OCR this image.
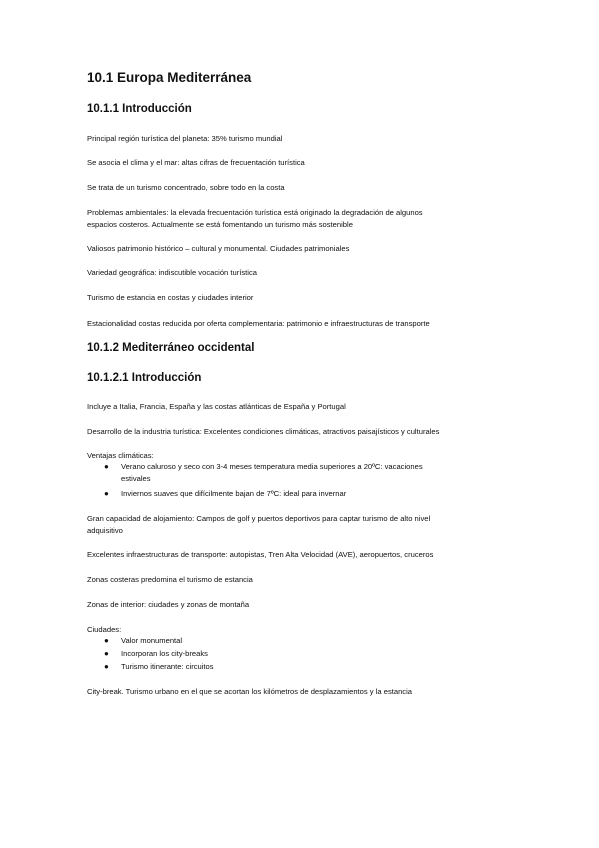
10.1 Europa Mediterránea
10.1.1 Introducción
Principal región turística del planeta: 35% turismo mundial
Se asocia el clima y el mar: altas cifras de frecuentación turística
Se trata de un turismo concentrado, sobre todo en la costa
Problemas ambientales: la elevada frecuentación turística está originado la degradación de algunos
espacios costeros. Actualmente se está fomentando un turismo más sostenible
Valiosos patrimonio histórico – cultural y monumental. Ciudades patrimoniales
Variedad geográfica: indiscutible vocación turística
Turismo de estancia en costas y ciudades interior
Estacionalidad costas reducida por oferta complementaria: patrimonio e infraestructuras de transporte
10.1.2 Mediterráneo occidental
10.1.2.1 Introducción
Incluye a Italia, Francia, España y las costas atlánticas de España y Portugal
Desarrollo de la industria turística: Excelentes condiciones climáticas, atractivos paisajísticos y culturales
Ventajas climáticas:
● Verano caluroso y seco con 3-4 meses temperatura media superiores a 20ºC: vacaciones
estivales
● Inviernos suaves que difícilmente bajan de 7ºC: ideal para invernar
Gran capacidad de alojamiento: Campos de golf y puertos deportivos para captar turismo de alto nivel
adquisitivo
Excelentes infraestructuras de transporte: autopistas, Tren Alta Velocidad (AVE), aeropuertos, cruceros
Zonas costeras predomina el turismo de estancia
Zonas de interior: ciudades y zonas de montaña
Ciudades:
● Valor monumental
● Incorporan los city-breaks
● Turismo itinerante: circuitos
City-break. Turismo urbano en el que se acortan los kilómetros de desplazamientos y la estancia
